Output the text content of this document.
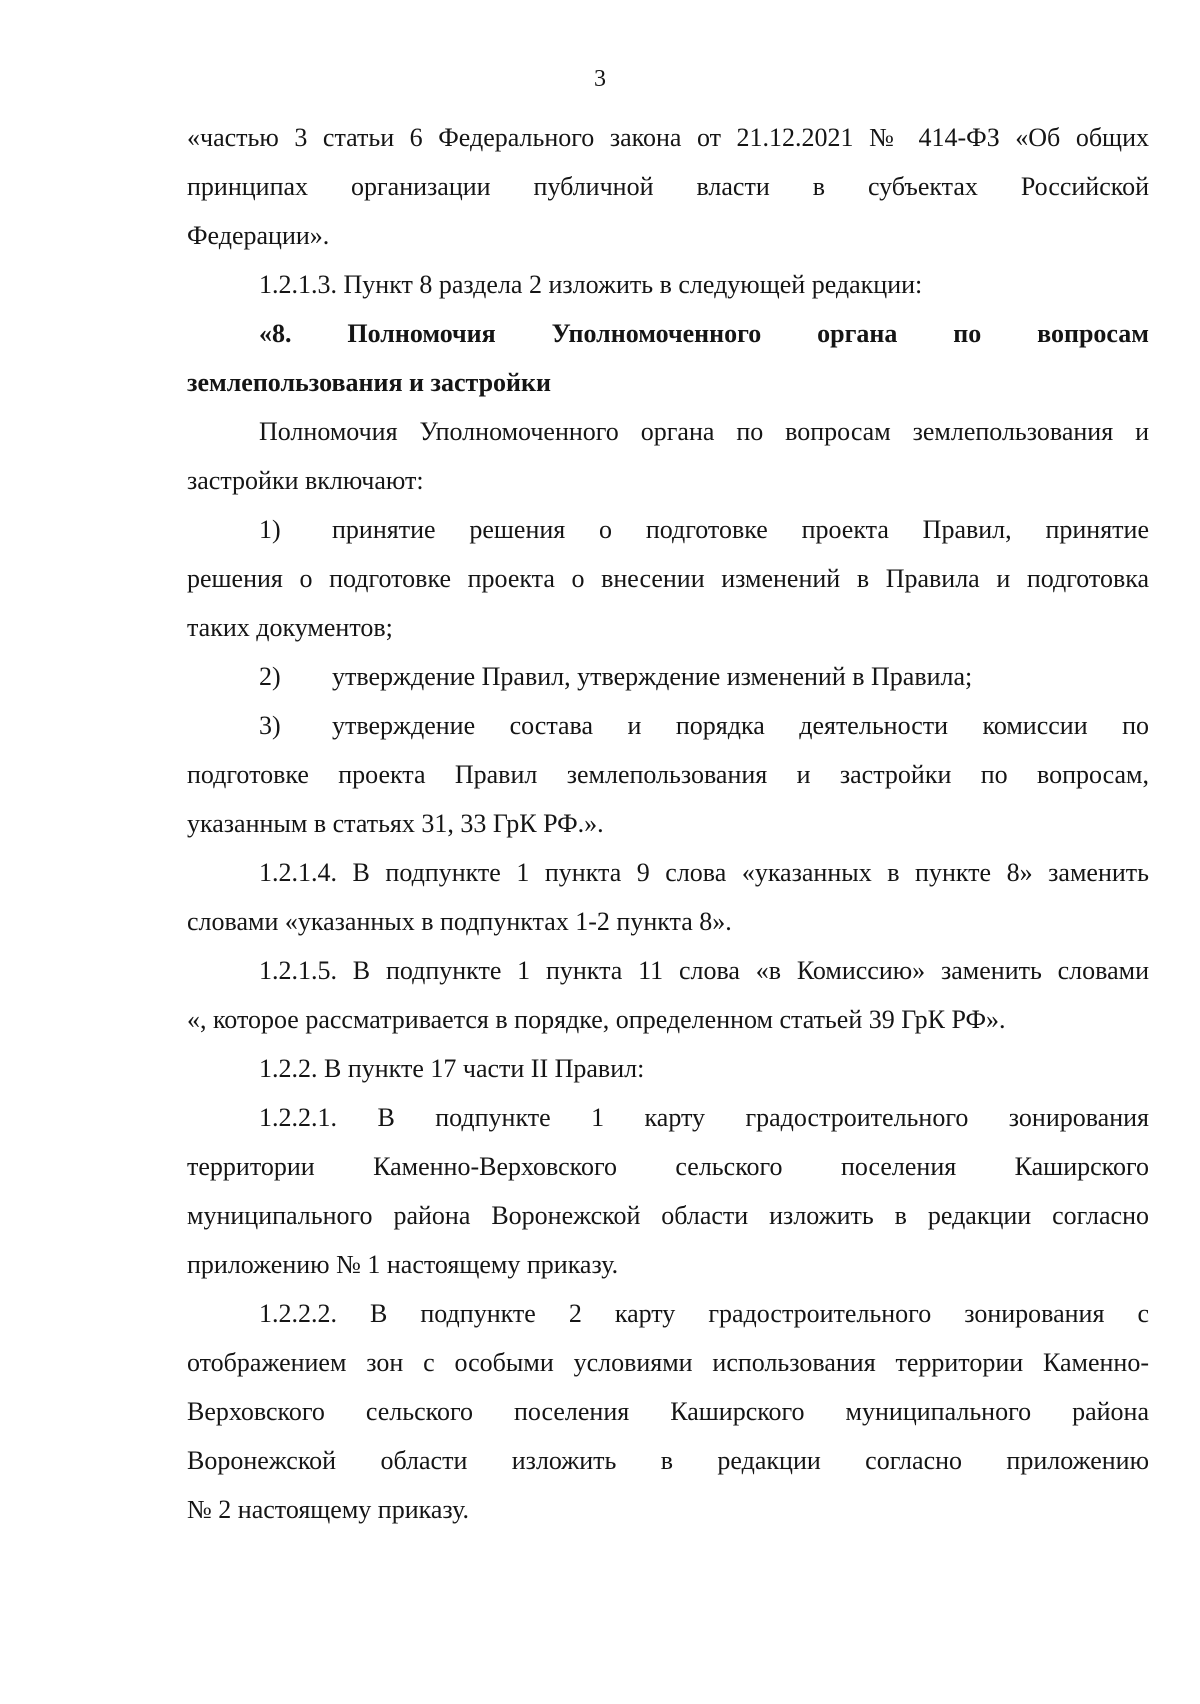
3

«частью 3 статьи 6 Федерального закона от 21.12.2021 № 414-ФЗ «Об общих
принципах организации публичной власти в субъектах Российской
Федерации».

1.2.1.3. Пункт 8 раздела 2 изложить в следующей редакции:

«8. Полномочия Уполномоченного органа по вопросам
землепользования и застройки

Полномочия Уполномоченного органа по вопросам землепользования и
застройки включают:

1)	принятие решения о подготовке проекта Правил, принятие
решения о подготовке проекта о внесении изменений в Правила и подготовка
таких документов;
2)	утверждение Правил, утверждение изменений в Правила;
3)	утверждение состава и порядка деятельности комиссии по
подготовке проекта Правил землепользования и застройки по вопросам,
указанным в статьях 31, 33 ГрК РФ.».

1.2.1.4. В подпункте 1 пункта 9 слова «указанных в пункте 8» заменить
словами «указанных в подпунктах 1-2 пункта 8».

1.2.1.5. В подпункте 1 пункта 11 слова «в Комиссию» заменить словами
«, которое рассматривается в порядке, определенном статьей 39 ГрК РФ».

1.2.2. В пункте 17 части II Правил:

1.2.2.1. В подпункте 1 карту градостроительного зонирования
территории Каменно-Верховского сельского поселения Каширского
муниципального района Воронежской области изложить в редакции согласно
приложению № 1 настоящему приказу.

1.2.2.2. В подпункте 2 карту градостроительного зонирования с
отображением зон с особыми условиями использования территории Каменно-
Верховского сельского поселения Каширского муниципального района
Воронежской области изложить в редакции согласно приложению
№ 2 настоящему приказу.
